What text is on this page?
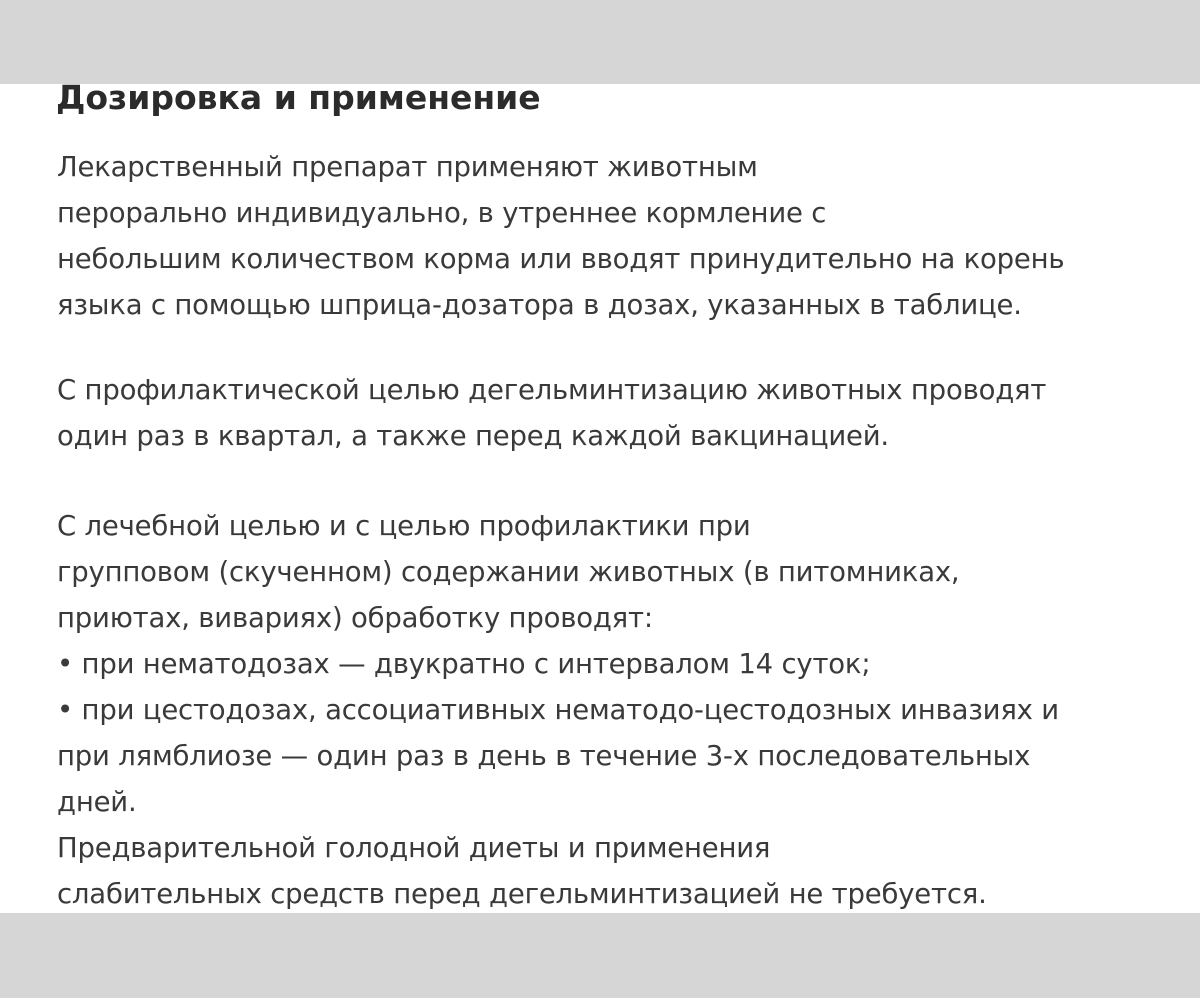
Дозировка и применение

Лекарственный препарат применяют животным
перорально индивидуально, в утреннее кормление с
небольшим количеством корма или вводят принудительно на корень
языка с помощью шприца-дозатора в дозах, указанных в таблице.

С профилактической целью дегельминтизацию животных проводят
один раз в квартал, а также перед каждой вакцинацией.

С лечебной целью и с целью профилактики при
групповом (скученном) содержании животных (в питомниках,
приютах, вивариях) обработку проводят:
• при нематодозах — двукратно с интервалом 14 суток;
• при цестодозах, ассоциативных нематодо-цестодозных инвазиях и
при лямблиозе — один раз в день в течение 3-х последовательных
дней.
Предварительной голодной диеты и применения
слабительных средств перед дегельминтизацией не требуется.
